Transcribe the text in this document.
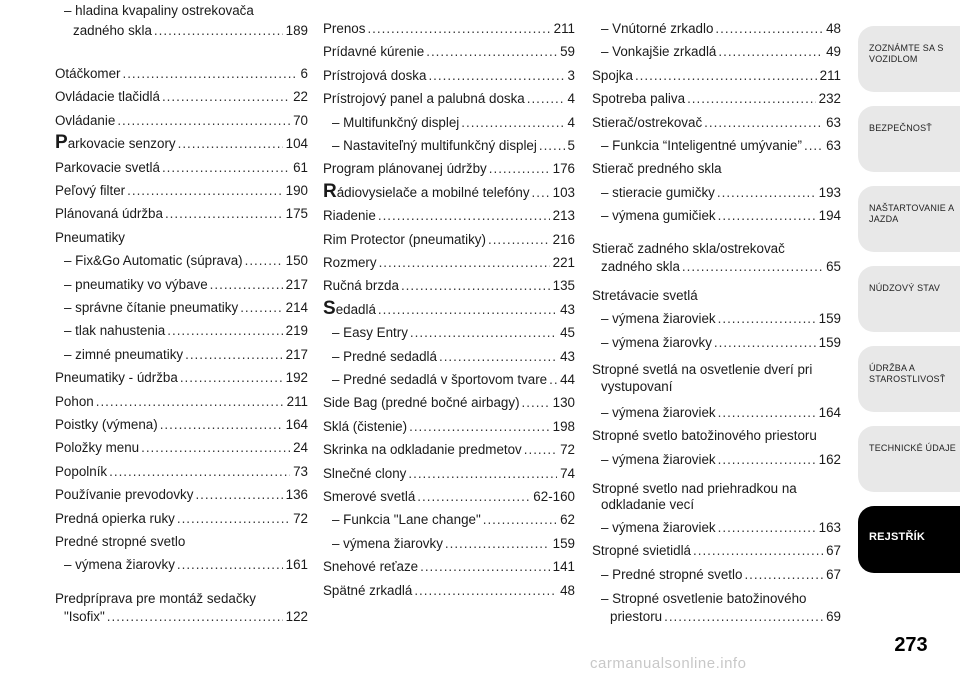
– hladina kvapaliny ostrekovača
zadného skla .....	189
Otáčkomer .....	6
Ovládacie tlačidlá .....	22
Ovládanie .....	70
Parkovacie senzory .....	104
Parkovacie svetlá .....	61
Peľový filter .....	190
Plánovaná údržba .....	175
Pneumatiky
– Fix&Go Automatic (súprava) .....	150
– pneumatiky vo výbave .....	217
– správne čítanie pneumatiky .....	214
– tlak nahustenia .....	219
– zimné pneumatiky .....	217
Pneumatiky - údržba .....	192
Pohon .....	211
Poistky (výmena) .....	164
Položky menu .....	24
Popolník .....	73
Používanie prevodovky .....	136
Predná opierka ruky .....	72
Predné stropné svetlo
– výmena žiarovky .....	161
Predpríprava pre montáž sedačky
"Isofix" .....	122
Prenos .....	211
Prídavné kúrenie .....	59
Prístrojová doska .....	3
Prístrojový panel a palubná doska .....	4
– Multifunkčný displej .....	4
– Nastaviteľný multifunkčný displej ..... 5
Program plánovanej údržby .....	176
Rádiovysielače a mobilné telefóny ..... 103
Riadenie .....	213
Rim Protector (pneumatiky) .....	216
Rozmery .....	221
Ručná brzda .....	135
Sedadlá .....	43
– Easy Entry .....	45
– Predné sedadlá .....	43
– Predné sedadlá v športovom tvare ..... 44
Side Bag (predné bočné airbagy) ..... 130
Sklá (čistenie) .....	198
Skrinka na odkladanie predmetov .....	72
Slnečné clony .....	74
Smerové svetlá .....	62-160
– Funkcia "Lane change" .....	62
– výmena žiarovky .....	159
Snehové reťaze .....	141
Spätné zrkadlá .....	48
– Vnútorné zrkadlo .....	48
– Vonkajšie zrkadlá .....	49
Spojka .....	211
Spotreba paliva .....	232
Stierač/ostrekovač .....	63
– Funkcia “Inteligentné umývanie” ..... 63
Stierač predného skla
– stieracie gumičky .....	193
– výmena gumičiek .....	194
Stierač zadného skla/ostrekovač
zadného skla .....	65
Stretávacie svetlá
– výmena žiaroviek .....	159
– výmena žiarovky .....	159
Stropné svetlá na osvetlenie dverí pri
vystupovaní
– výmena žiaroviek .....	164
Stropné svetlo batožinového priestoru
– výmena žiaroviek .....	162
Stropné svetlo nad priehradkou na
odkladanie vecí
– výmena žiaroviek .....	163
Stropné svietidlá .....	67
– Predné stropné svetlo .....	67
– Stropné osvetlenie batožinového
priestoru .....	69
ZOZNÁMTE SA S
VOZIDLOM
BEZPEČNOSŤ
NAŠTARTOVANIE A
JAZDA
NÚDZOVÝ STAV
ÚDRŽBA A
STAROSTLIVOSŤ
TECHNICKÉ ÚDAJE
REJSTŘÍK
273
carmanualsonline.info
